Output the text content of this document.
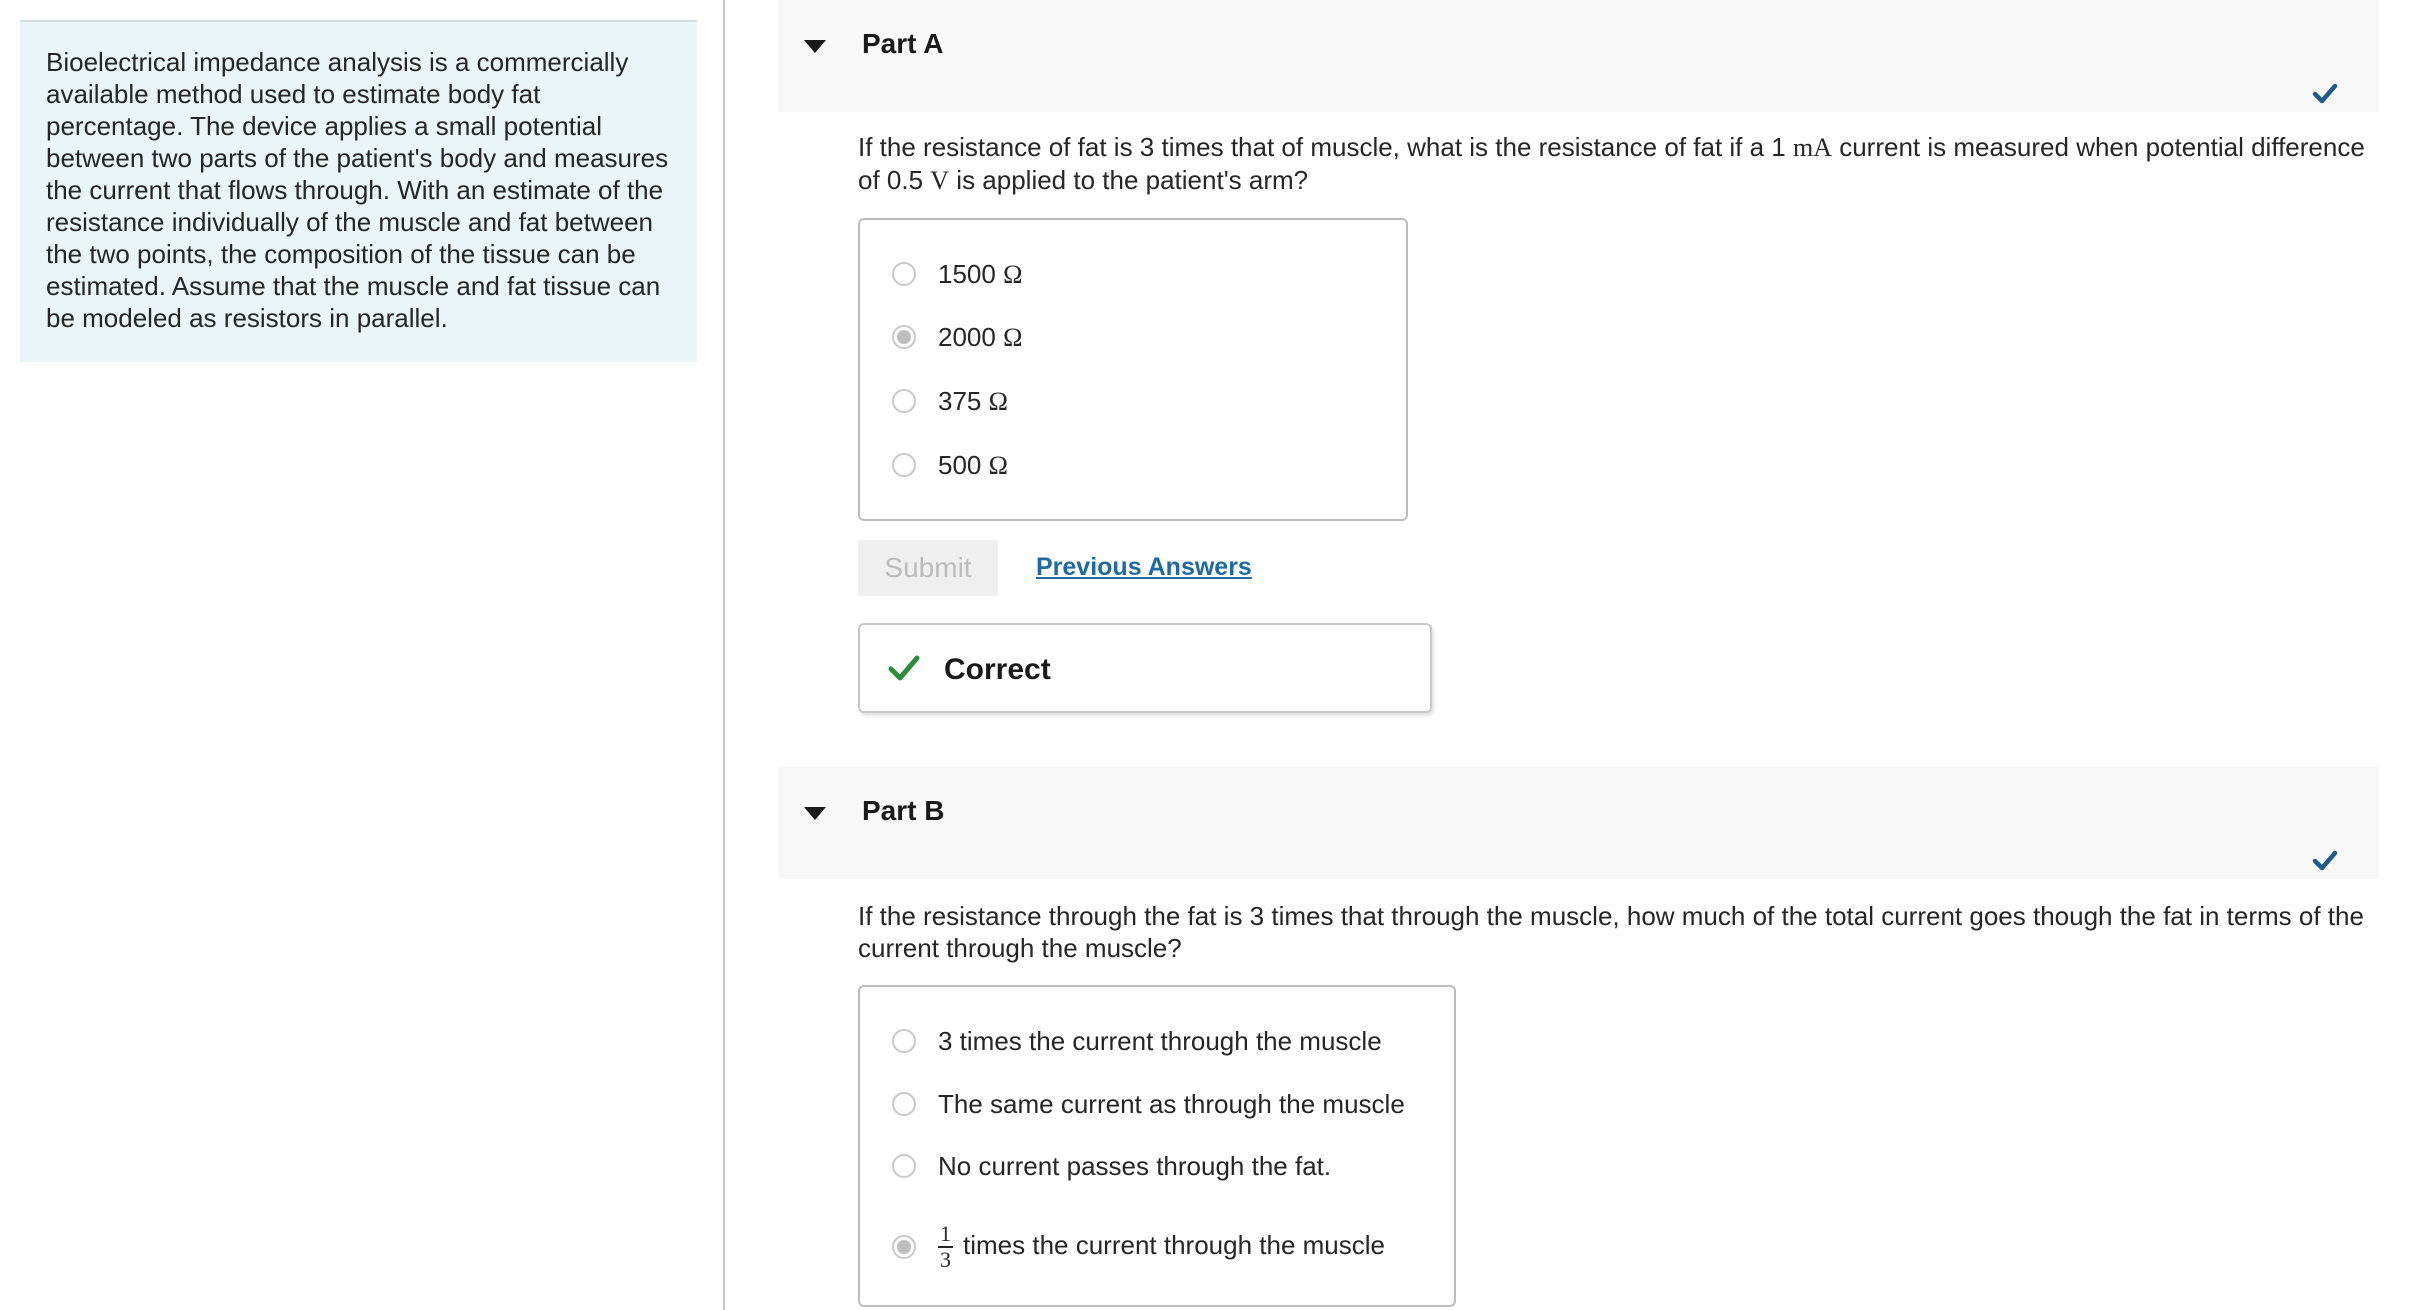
Bioelectrical impedance analysis is a commercially available method used to estimate body fat percentage. The device applies a small potential between two parts of the patient's body and measures the current that flows through. With an estimate of the resistance individually of the muscle and fat between the two points, the composition of the tissue can be estimated. Assume that the muscle and fat tissue can be modeled as resistors in parallel.

Part A
If the resistance of fat is 3 times that of muscle, what is the resistance of fat if a 1 mA current is measured when potential difference of 0.5 V is applied to the patient's arm?
1500 Ω
2000 Ω
375 Ω
500 Ω
Submit	Previous Answers
Correct
Part B
If the resistance through the fat is 3 times that through the muscle, how much of the total current goes though the fat in terms of the current through the muscle?
3 times the current through the muscle
The same current as through the muscle
No current passes through the fat.
$\frac{1}{3}$ times the current through the muscle
